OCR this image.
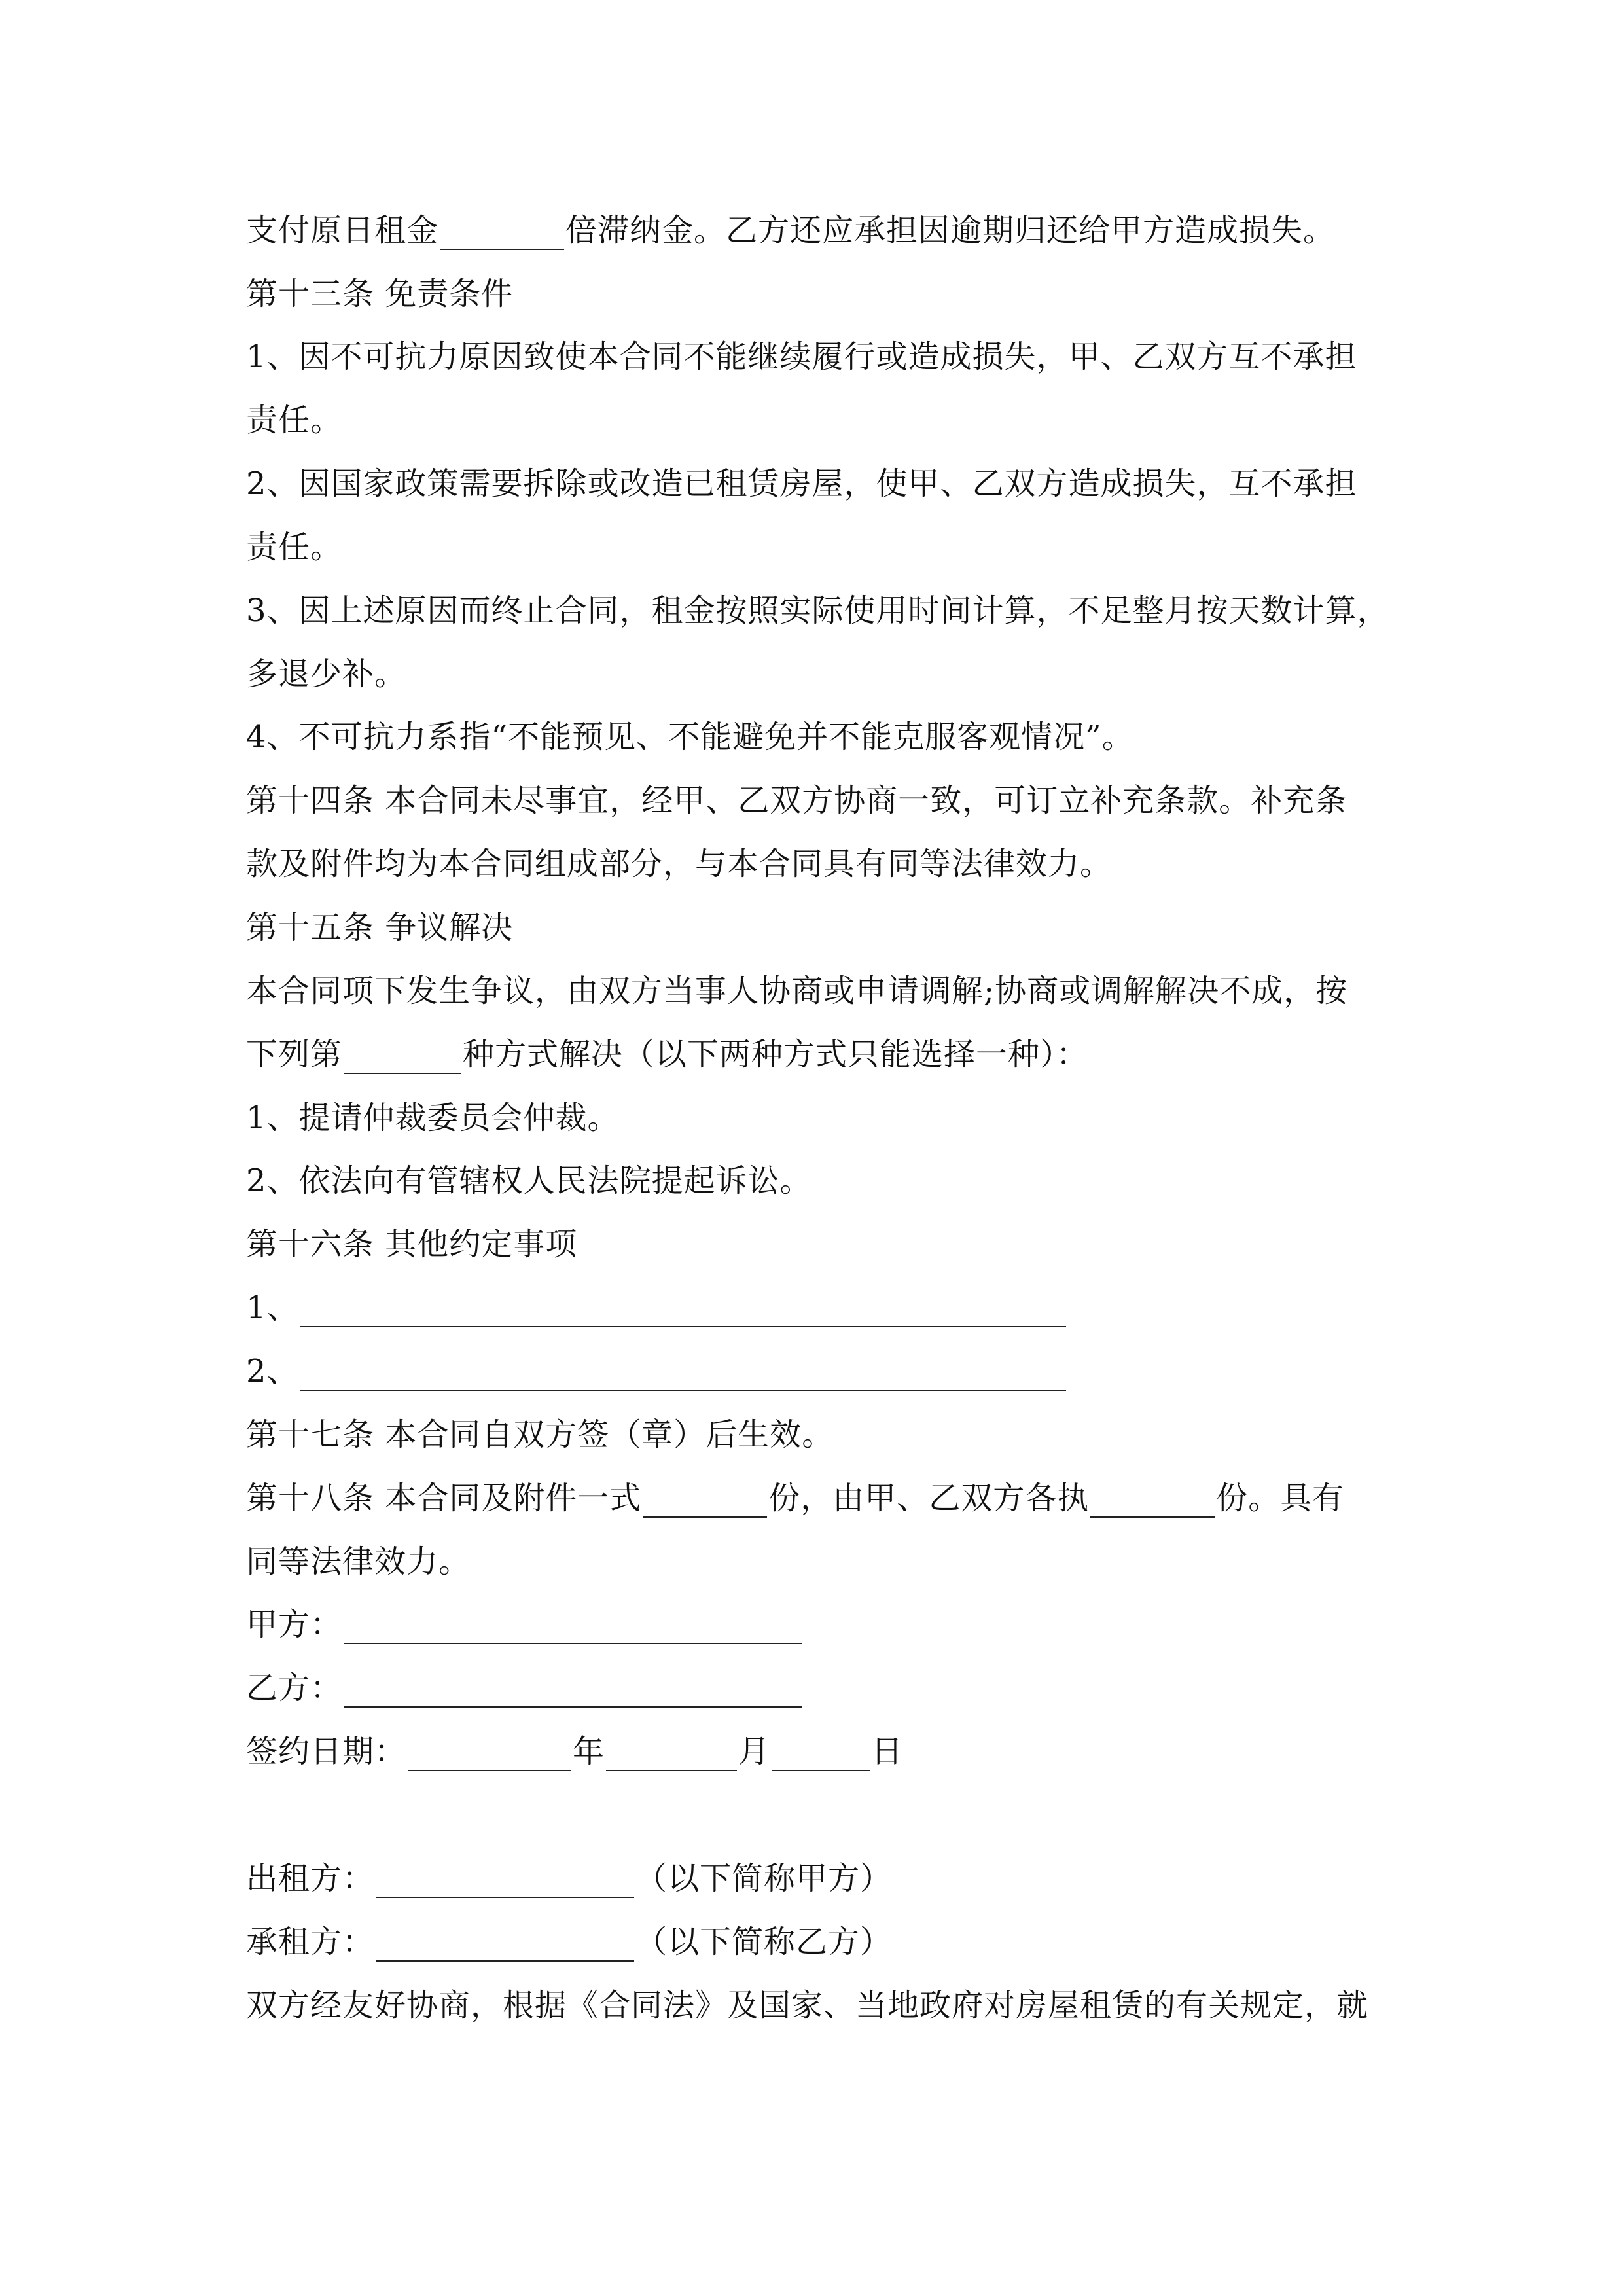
支付原日租金	倍滞纳金。乙方还应承担因逾期归还给甲方造成损失。
第十三条 免责条件
1、因不可抗力原因致使本合同不能继续履行或造成损失，甲、乙双方互不承担
责任。
2、因国家政策需要拆除或改造已租赁房屋，使甲、乙双方造成损失，互不承担
责任。
3、因上述原因而终止合同，租金按照实际使用时间计算，不足整月按天数计算，
多退少补。
4、不可抗力系指“不能预见、不能避免并不能克服客观情况”。
第十四条 本合同未尽事宜，经甲、乙双方协商一致，可订立补充条款。补充条
款及附件均为本合同组成部分，与本合同具有同等法律效力。
第十五条 争议解决
本合同项下发生争议，由双方当事人协商或申请调解;协商或调解解决不成，按
下列第	种方式解决（以下两种方式只能选择一种）：
1、提请仲裁委员会仲裁。
2、依法向有管辖权人民法院提起诉讼。
第十六条 其他约定事项
1、
2、
第十七条 本合同自双方签（章）后生效。
第十八条 本合同及附件一式	份，由甲、乙双方各执	份。具有
同等法律效力。
甲方：
乙方：
签约日期：	年	月	日
出租方：	（以下简称甲方）
承租方：	（以下简称乙方）
双方经友好协商，根据《合同法》及国家、当地政府对房屋租赁的有关规定，就
